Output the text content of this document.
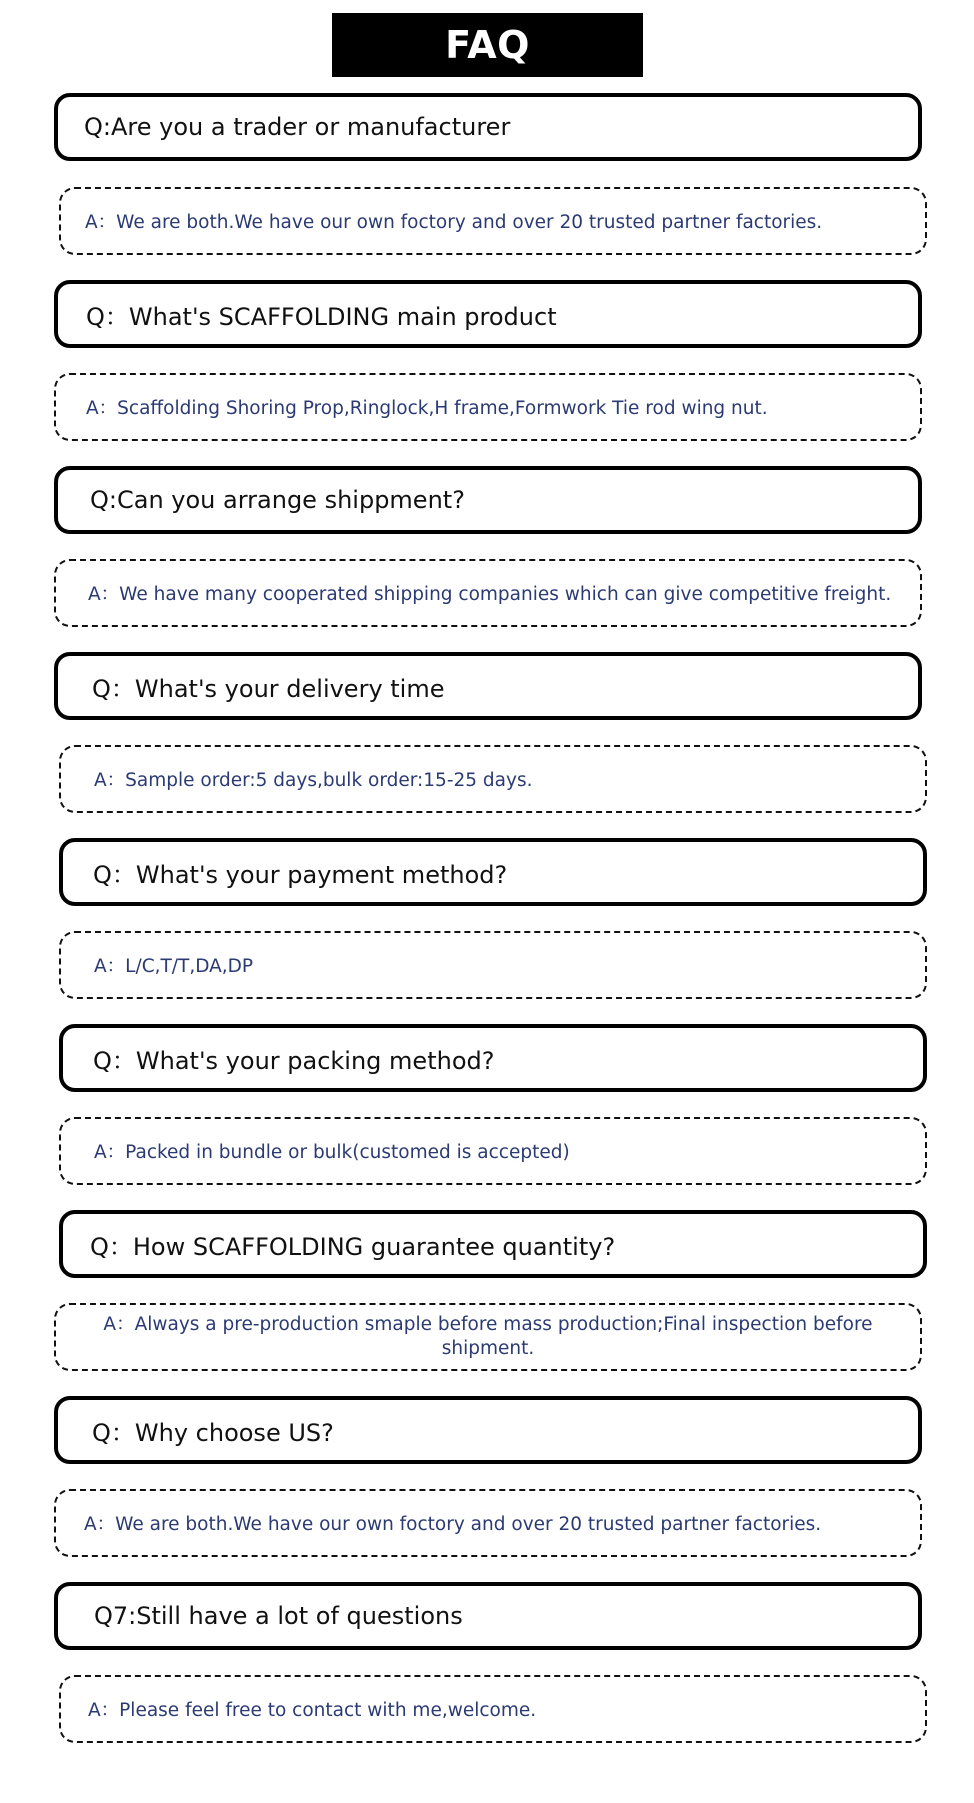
FAQ
Q:Are you a trader or manufacturer
A：We are both.We have our own foctory and over 20 trusted partner factories.
Q：What's SCAFFOLDING main product
A：Scaffolding Shoring Prop,Ringlock,H frame,Formwork Tie rod wing nut.
Q:Can you arrange shippment?
A：We have many cooperated shipping companies which can give competitive freight.
Q：What's your delivery time
A：Sample order:5 days,bulk order:15-25 days.
Q：What's your payment method?
A：L/C,T/T,DA,DP
Q：What's your packing method?
A：Packed in bundle or bulk(customed is accepted)
Q：How SCAFFOLDING guarantee quantity?
A：Always a pre-production smaple before mass production;Final inspection before shipment.
Q：Why choose US?
A：We are both.We have our own foctory and over 20 trusted partner factories.
Q7:Still have a lot of questions
A：Please feel free to contact with me,welcome.
